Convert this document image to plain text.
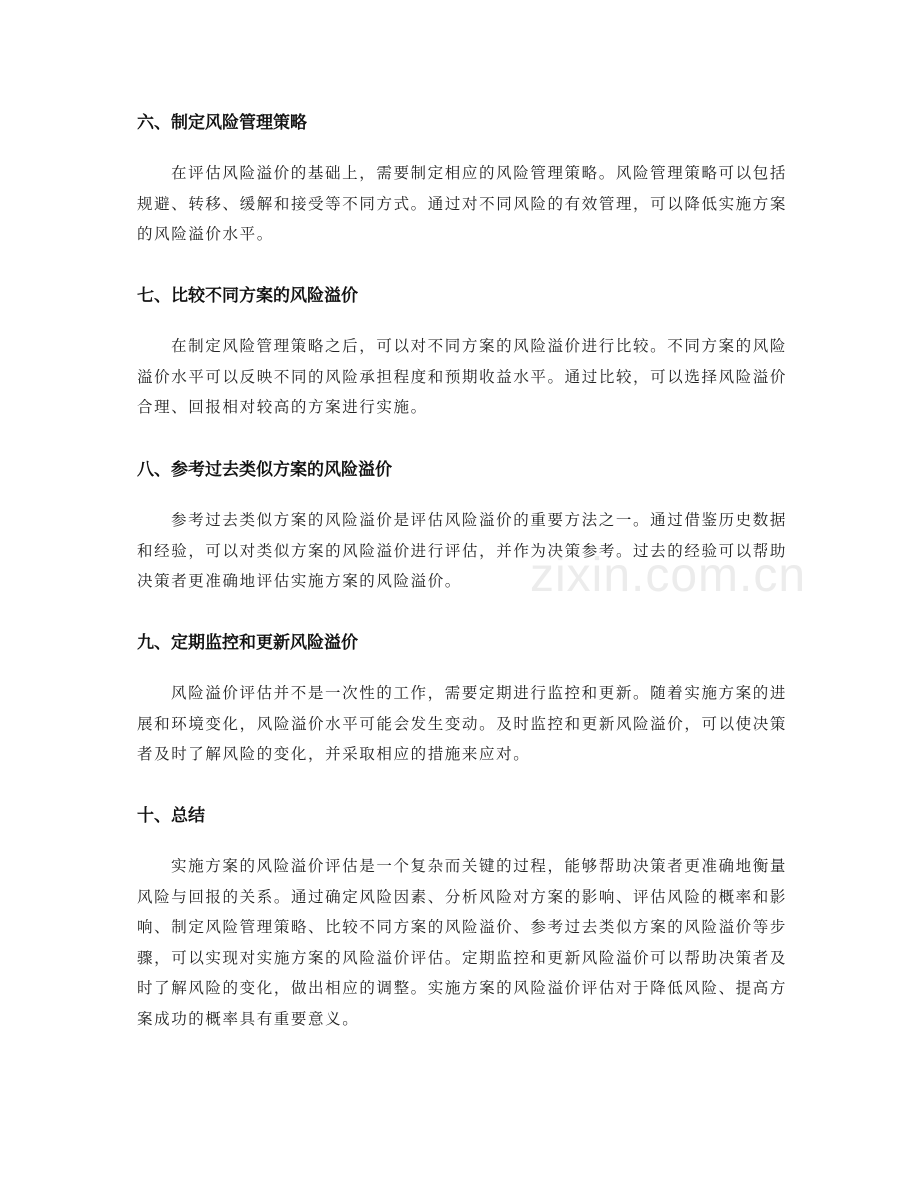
六、制定风险管理策略

在评估风险溢价的基础上，需要制定相应的风险管理策略。风险管理策略可以包括规避、转移、缓解和接受等不同方式。通过对不同风险的有效管理，可以降低实施方案的风险溢价水平。

七、比较不同方案的风险溢价

在制定风险管理策略之后，可以对不同方案的风险溢价进行比较。不同方案的风险溢价水平可以反映不同的风险承担程度和预期收益水平。通过比较，可以选择风险溢价合理、回报相对较高的方案进行实施。

八、参考过去类似方案的风险溢价

参考过去类似方案的风险溢价是评估风险溢价的重要方法之一。通过借鉴历史数据和经验，可以对类似方案的风险溢价进行评估，并作为决策参考。过去的经验可以帮助决策者更准确地评估实施方案的风险溢价。

九、定期监控和更新风险溢价

风险溢价评估并不是一次性的工作，需要定期进行监控和更新。随着实施方案的进展和环境变化，风险溢价水平可能会发生变动。及时监控和更新风险溢价，可以使决策者及时了解风险的变化，并采取相应的措施来应对。

十、总结

实施方案的风险溢价评估是一个复杂而关键的过程，能够帮助决策者更准确地衡量风险与回报的关系。通过确定风险因素、分析风险对方案的影响、评估风险的概率和影响、制定风险管理策略、比较不同方案的风险溢价、参考过去类似方案的风险溢价等步骤，可以实现对实施方案的风险溢价评估。定期监控和更新风险溢价可以帮助决策者及时了解风险的变化，做出相应的调整。实施方案的风险溢价评估对于降低风险、提高方案成功的概率具有重要意义。

zixin.com.cn
